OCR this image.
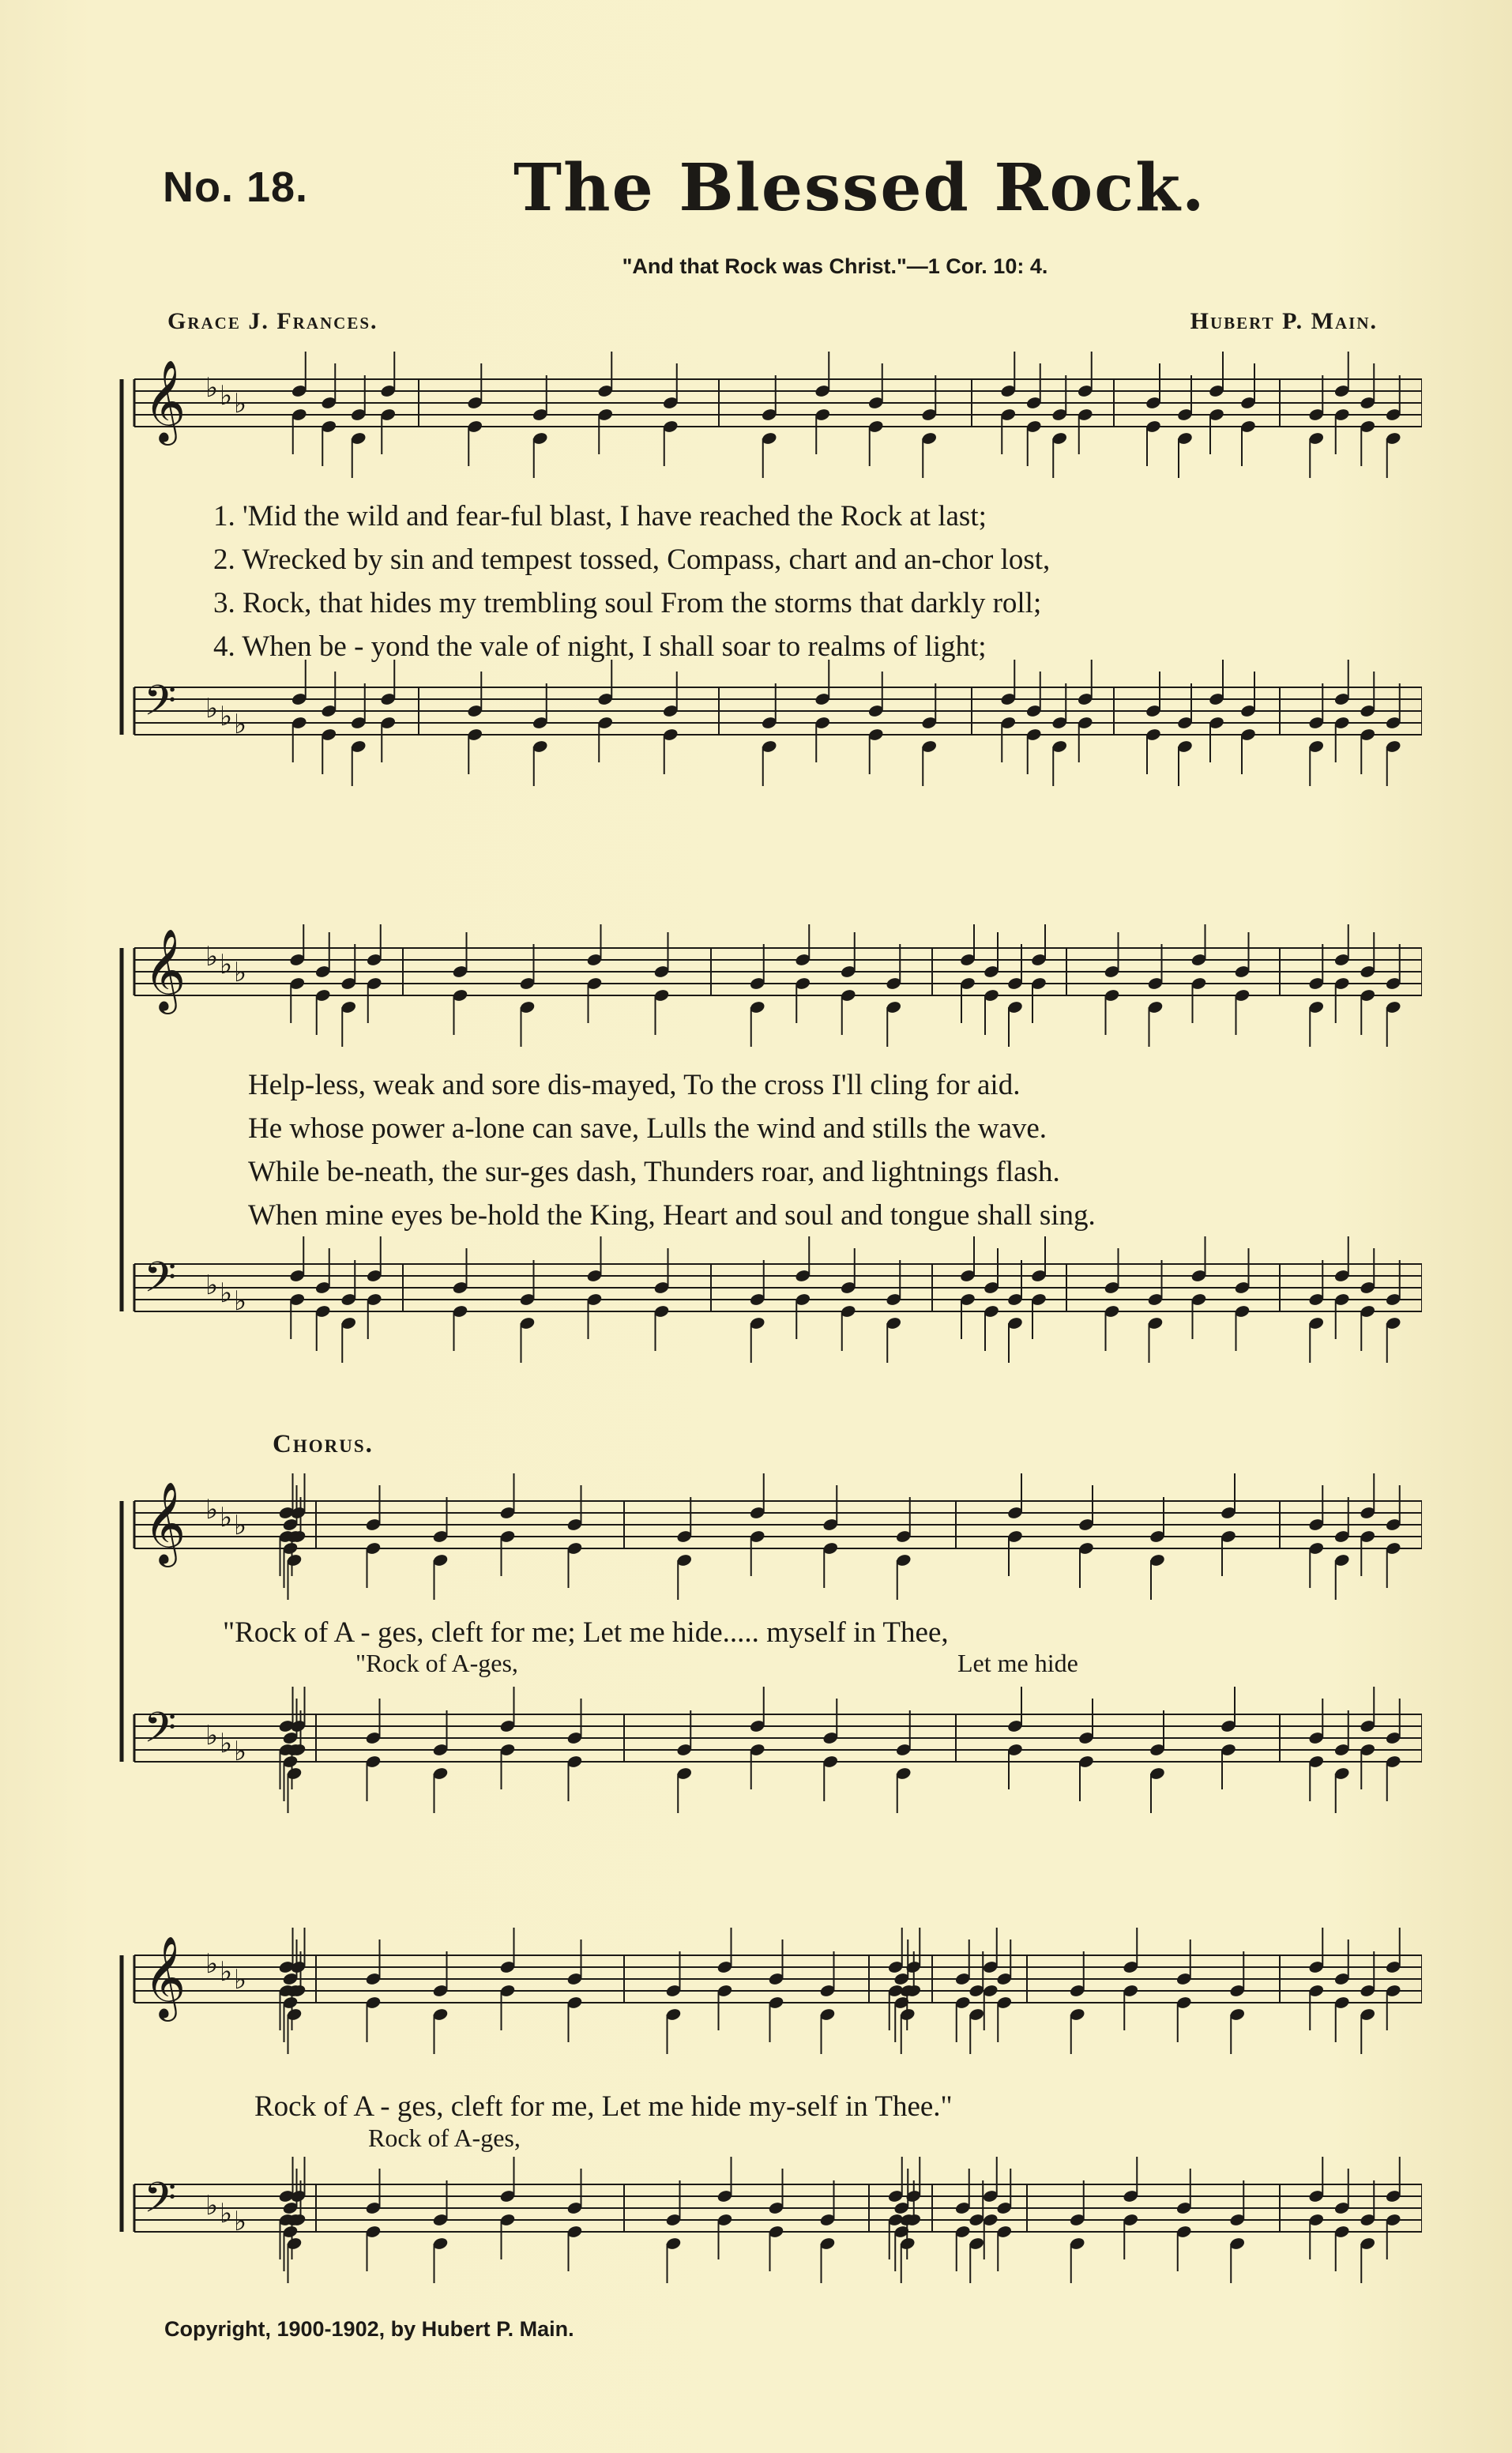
No. 18.	The Blessed Rock.
"And that Rock was Christ."—1 Cor. 10: 4.
Grace J. Frances.	Hubert P. Main.
𝄞 ♭ ♭ ♭
𝄢 ♭ ♭ ♭
1. 'Mid the wild and fear-ful blast, I have reached the Rock at last;
2. Wrecked by sin and tempest tossed, Compass, chart and an-chor lost,
3. Rock, that hides my trembling soul From the storms that darkly roll;
4. When be - yond the vale of night, I shall soar to realms of light;
𝄞 ♭ ♭ ♭
𝄢 ♭ ♭ ♭
Help-less, weak and sore dis-mayed, To the cross I'll cling for aid.
He whose power a-lone can save, Lulls the wind and stills the wave.
While be-neath, the sur-ges dash, Thunders roar, and lightnings flash.
When mine eyes be-hold the King, Heart and soul and tongue shall sing.
Chorus.
𝄞 ♭ ♭ ♭
𝄢 ♭ ♭ ♭
"Rock of A - ges, cleft for me; Let me hide..... myself in Thee,
"Rock of A-ges,	Let me hide
𝄞 ♭ ♭ ♭
𝄢 ♭ ♭ ♭
Rock of A - ges, cleft for me, Let me hide my-self in Thee."
Rock of A-ges,
Copyright, 1900-1902, by Hubert P. Main.
